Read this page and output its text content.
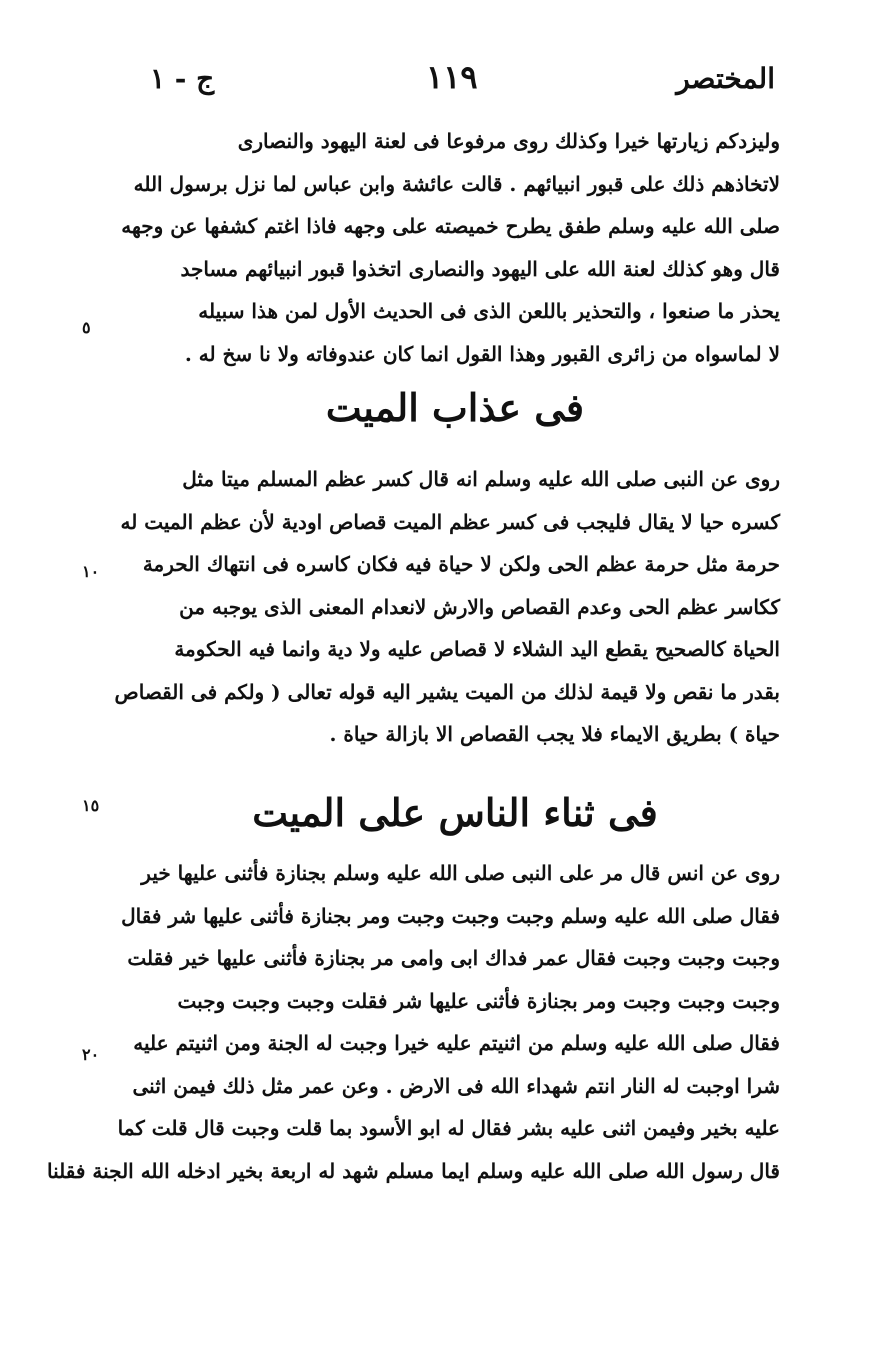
المختصر
١١٩
ج - ١
وليزدكم زيارتها خيرا وكذلك روى مرفوعا فى لعنة اليهود والنصارى
لاتخاذهم ذلك على قبور انبيائهم . قالت عائشة وابن عباس لما نزل برسول الله
صلى الله عليه وسلم طفق يطرح خميصته على وجهه فاذا اغتم كشفها عن وجهه
قال وهو كذلك لعنة الله على اليهود والنصارى اتخذوا قبور انبيائهم مساجد
يحذر ما صنعوا ، والتحذير باللعن الذى فى الحديث الأول لمن هذا سبيله
لا لماسواه من زائرى القبور وهذا القول انما كان عندوفاته ولا نا سخ له .
٥
فى عذاب الميت
روى عن النبى صلى الله عليه وسلم انه قال كسر عظم المسلم ميتا مثل
كسره حيا لا يقال فليجب فى كسر عظم الميت قصاص اودية لأن عظم الميت له
حرمة مثل حرمة عظم الحى ولكن لا حياة فيه فكان كاسره فى انتهاك الحرمة
ككاسر عظم الحى وعدم القصاص والارش لانعدام المعنى الذى يوجبه من
الحياة كالصحيح يقطع اليد الشلاء لا قصاص عليه ولا دية وانما فيه الحكومة
بقدر ما نقص ولا قيمة لذلك من الميت يشير اليه قوله تعالى ( ولكم فى القصاص
حياة ) بطريق الايماء فلا يجب القصاص الا بازالة حياة .
١٠
فى ثناء الناس على الميت
١٥
روى عن انس قال مر على النبى صلى الله عليه وسلم بجنازة فأثنى عليها خير
فقال صلى الله عليه وسلم وجبت وجبت وجبت ومر بجنازة فأثنى عليها شر فقال
وجبت وجبت وجبت فقال عمر فداك ابى وامى مر بجنازة فأثنى عليها خير فقلت
وجبت وجبت وجبت ومر بجنازة فأثنى عليها شر فقلت وجبت وجبت وجبت
فقال صلى الله عليه وسلم من اثنيتم عليه خيرا وجبت له الجنة ومن اثنيتم عليه
شرا اوجبت له النار انتم شهداء الله فى الارض . وعن عمر مثل ذلك فيمن اثنى
عليه بخير وفيمن اثنى عليه بشر فقال له ابو الأسود بما قلت وجبت قال قلت كما
قال رسول الله صلى الله عليه وسلم ايما مسلم شهد له اربعة بخير ادخله الله الجنة فقلنا
٢٠
